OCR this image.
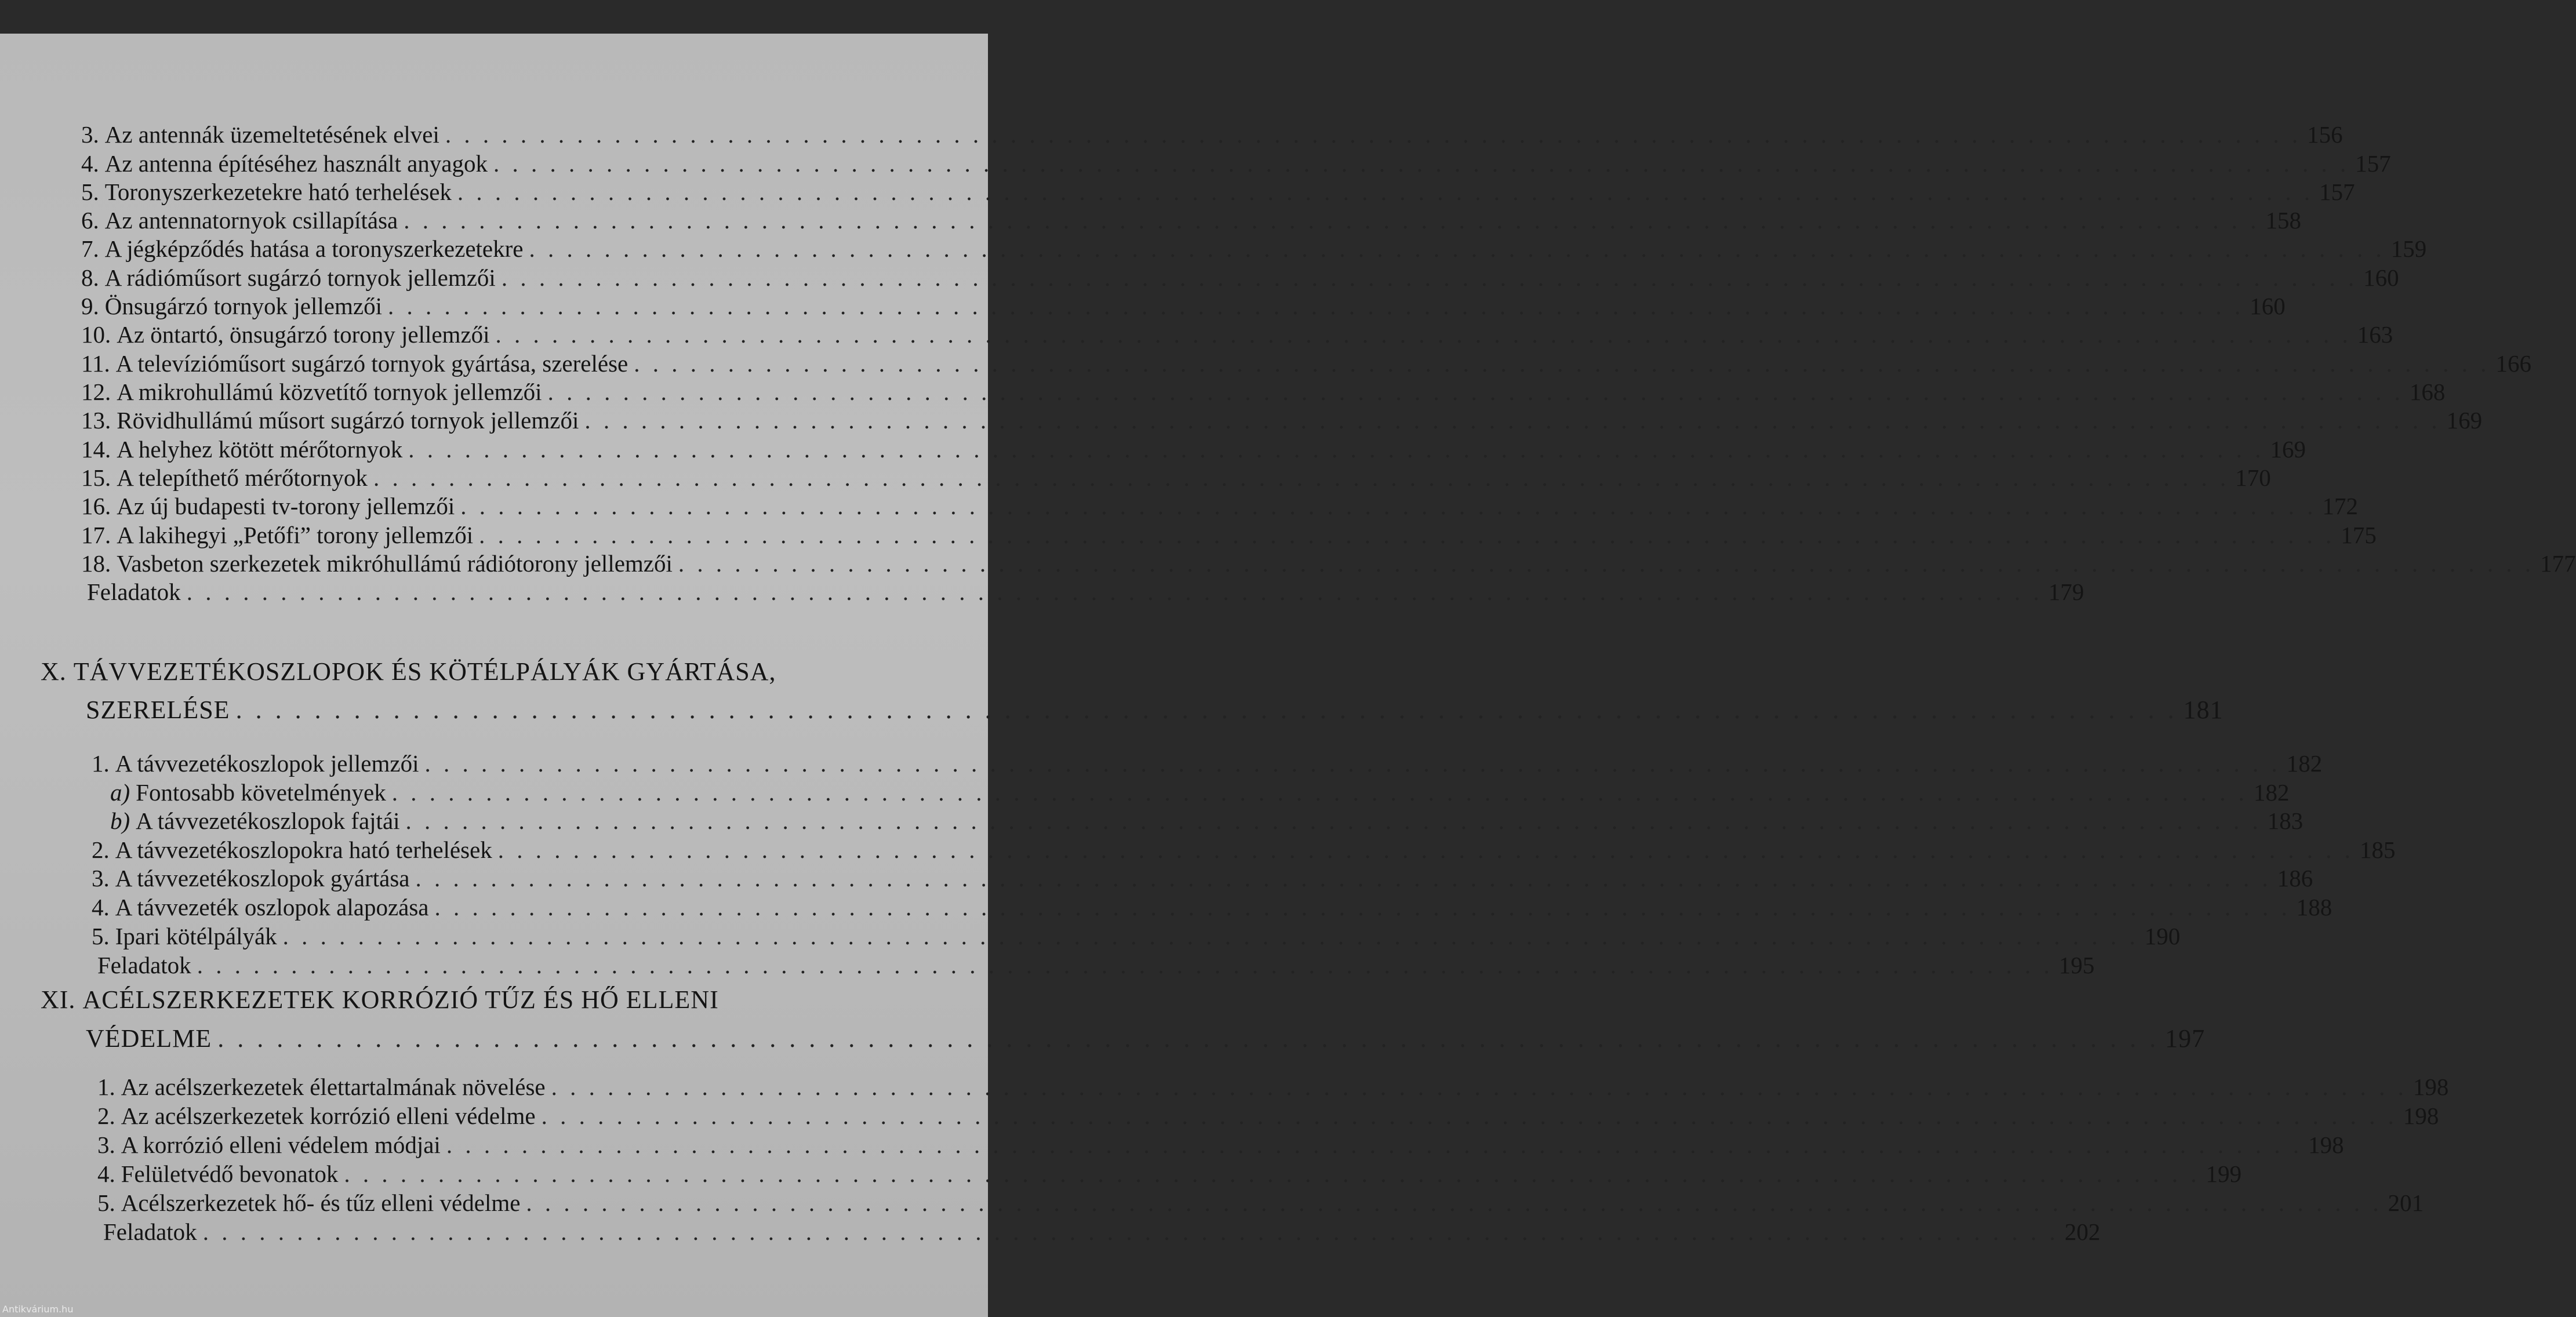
3. Az antennák üzemeltetésének elvei . . . . . . . . . . . . . . . . . . . . . . . . . . . . . . . . . . . . . . . . . . . . . . . . . . . . . . . . . . . . . . . . . . . . . . . . . . . . . . . . . . . . . . . . . . . . . . . . . . . 156
4. Az antenna építéséhez használt anyagok . . . . . . . . . . . . . . . . . . . . . . . . . . . . . . . . . . . . . . . . . . . . . . . . . . . . . . . . . . . . . . . . . . . . . . . . . . . . . . . . . . . . . . . . . . . . . . . . . . . 157
5. Toronyszerkezetekre ható terhelések . . . . . . . . . . . . . . . . . . . . . . . . . . . . . . . . . . . . . . . . . . . . . . . . . . . . . . . . . . . . . . . . . . . . . . . . . . . . . . . . . . . . . . . . . . . . . . . . . . . 157
6. Az antennatornyok csillapítása . . . . . . . . . . . . . . . . . . . . . . . . . . . . . . . . . . . . . . . . . . . . . . . . . . . . . . . . . . . . . . . . . . . . . . . . . . . . . . . . . . . . . . . . . . . . . . . . . . . 158
7. A jégképződés hatása a toronyszerkezetekre . . . . . . . . . . . . . . . . . . . . . . . . . . . . . . . . . . . . . . . . . . . . . . . . . . . . . . . . . . . . . . . . . . . . . . . . . . . . . . . . . . . . . . . . . . . . . . . . . . . 159
8. A rádióműsort sugárzó tornyok jellemzői . . . . . . . . . . . . . . . . . . . . . . . . . . . . . . . . . . . . . . . . . . . . . . . . . . . . . . . . . . . . . . . . . . . . . . . . . . . . . . . . . . . . . . . . . . . . . . . . . . . 160
9. Önsugárzó tornyok jellemzői . . . . . . . . . . . . . . . . . . . . . . . . . . . . . . . . . . . . . . . . . . . . . . . . . . . . . . . . . . . . . . . . . . . . . . . . . . . . . . . . . . . . . . . . . . . . . . . . . . . 160
10. Az öntartó, önsugárzó torony jellemzői . . . . . . . . . . . . . . . . . . . . . . . . . . . . . . . . . . . . . . . . . . . . . . . . . . . . . . . . . . . . . . . . . . . . . . . . . . . . . . . . . . . . . . . . . . . . . . . . . . . 163
11. A televízióműsort sugárzó tornyok gyártása, szerelése . . . . . . . . . . . . . . . . . . . . . . . . . . . . . . . . . . . . . . . . . . . . . . . . . . . . . . . . . . . . . . . . . . . . . . . . . . . . . . . . . . . . . . . . . . . . . . . . . . . 166
12. A mikrohullámú közvetítő tornyok jellemzői . . . . . . . . . . . . . . . . . . . . . . . . . . . . . . . . . . . . . . . . . . . . . . . . . . . . . . . . . . . . . . . . . . . . . . . . . . . . . . . . . . . . . . . . . . . . . . . . . . . 168
13. Rövidhullámú műsort sugárzó tornyok jellemzői . . . . . . . . . . . . . . . . . . . . . . . . . . . . . . . . . . . . . . . . . . . . . . . . . . . . . . . . . . . . . . . . . . . . . . . . . . . . . . . . . . . . . . . . . . . . . . . . . . . 169
14. A helyhez kötött mérőtornyok . . . . . . . . . . . . . . . . . . . . . . . . . . . . . . . . . . . . . . . . . . . . . . . . . . . . . . . . . . . . . . . . . . . . . . . . . . . . . . . . . . . . . . . . . . . . . . . . . . . 169
15. A telepíthető mérőtornyok . . . . . . . . . . . . . . . . . . . . . . . . . . . . . . . . . . . . . . . . . . . . . . . . . . . . . . . . . . . . . . . . . . . . . . . . . . . . . . . . . . . . . . . . . . . . . . . . . . . 170
16. Az új budapesti tv-torony jellemzői . . . . . . . . . . . . . . . . . . . . . . . . . . . . . . . . . . . . . . . . . . . . . . . . . . . . . . . . . . . . . . . . . . . . . . . . . . . . . . . . . . . . . . . . . . . . . . . . . . . 172
17. A lakihegyi „Petőfi” torony jellemzői . . . . . . . . . . . . . . . . . . . . . . . . . . . . . . . . . . . . . . . . . . . . . . . . . . . . . . . . . . . . . . . . . . . . . . . . . . . . . . . . . . . . . . . . . . . . . . . . . . . 175
18. Vasbeton szerkezetek mikróhullámú rádiótorony jellemzői . . . . . . . . . . . . . . . . . . . . . . . . . . . . . . . . . . . . . . . . . . . . . . . . . . . . . . . . . . . . . . . . . . . . . . . . . . . . . . . . . . . . . . . . . . . . . . . . . . . 177
Feladatok . . . . . . . . . . . . . . . . . . . . . . . . . . . . . . . . . . . . . . . . . . . . . . . . . . . . . . . . . . . . . . . . . . . . . . . . . . . . . . . . . . . . . . . . . . . . . . . . . . . 179
X. TÁVVEZETÉKOSZLOPOK ÉS KÖTÉLPÁLYÁK GYÁRTÁSA,
SZERELÉSE . . . . . . . . . . . . . . . . . . . . . . . . . . . . . . . . . . . . . . . . . . . . . . . . . . . . . . . . . . . . . . . . . . . . . . . . . . . . . . . . . . . . . . . . . . . . . . . . . . . 181
1. A távvezetékoszlopok jellemzői . . . . . . . . . . . . . . . . . . . . . . . . . . . . . . . . . . . . . . . . . . . . . . . . . . . . . . . . . . . . . . . . . . . . . . . . . . . . . . . . . . . . . . . . . . . . . . . . . . . 182
a) Fontosabb követelmények . . . . . . . . . . . . . . . . . . . . . . . . . . . . . . . . . . . . . . . . . . . . . . . . . . . . . . . . . . . . . . . . . . . . . . . . . . . . . . . . . . . . . . . . . . . . . . . . . . . 182
b) A távvezetékoszlopok fajtái . . . . . . . . . . . . . . . . . . . . . . . . . . . . . . . . . . . . . . . . . . . . . . . . . . . . . . . . . . . . . . . . . . . . . . . . . . . . . . . . . . . . . . . . . . . . . . . . . . . 183
2. A távvezetékoszlopokra ható terhelések . . . . . . . . . . . . . . . . . . . . . . . . . . . . . . . . . . . . . . . . . . . . . . . . . . . . . . . . . . . . . . . . . . . . . . . . . . . . . . . . . . . . . . . . . . . . . . . . . . . 185
3. A távvezetékoszlopok gyártása . . . . . . . . . . . . . . . . . . . . . . . . . . . . . . . . . . . . . . . . . . . . . . . . . . . . . . . . . . . . . . . . . . . . . . . . . . . . . . . . . . . . . . . . . . . . . . . . . . . 186
4. A távvezeték oszlopok alapozása . . . . . . . . . . . . . . . . . . . . . . . . . . . . . . . . . . . . . . . . . . . . . . . . . . . . . . . . . . . . . . . . . . . . . . . . . . . . . . . . . . . . . . . . . . . . . . . . . . . 188
5. Ipari kötélpályák . . . . . . . . . . . . . . . . . . . . . . . . . . . . . . . . . . . . . . . . . . . . . . . . . . . . . . . . . . . . . . . . . . . . . . . . . . . . . . . . . . . . . . . . . . . . . . . . . . . 190
Feladatok . . . . . . . . . . . . . . . . . . . . . . . . . . . . . . . . . . . . . . . . . . . . . . . . . . . . . . . . . . . . . . . . . . . . . . . . . . . . . . . . . . . . . . . . . . . . . . . . . . . 195
XI. ACÉLSZERKEZETEK KORRÓZIÓ TŰZ ÉS HŐ ELLENI
VÉDELME . . . . . . . . . . . . . . . . . . . . . . . . . . . . . . . . . . . . . . . . . . . . . . . . . . . . . . . . . . . . . . . . . . . . . . . . . . . . . . . . . . . . . . . . . . . . . . . . . . . 197
1. Az acélszerkezetek élettartalmának növelése . . . . . . . . . . . . . . . . . . . . . . . . . . . . . . . . . . . . . . . . . . . . . . . . . . . . . . . . . . . . . . . . . . . . . . . . . . . . . . . . . . . . . . . . . . . . . . . . . . . 198
2. Az acélszerkezetek korrózió elleni védelme . . . . . . . . . . . . . . . . . . . . . . . . . . . . . . . . . . . . . . . . . . . . . . . . . . . . . . . . . . . . . . . . . . . . . . . . . . . . . . . . . . . . . . . . . . . . . . . . . . . 198
3. A korrózió elleni védelem módjai . . . . . . . . . . . . . . . . . . . . . . . . . . . . . . . . . . . . . . . . . . . . . . . . . . . . . . . . . . . . . . . . . . . . . . . . . . . . . . . . . . . . . . . . . . . . . . . . . . . 198
4. Felületvédő bevonatok . . . . . . . . . . . . . . . . . . . . . . . . . . . . . . . . . . . . . . . . . . . . . . . . . . . . . . . . . . . . . . . . . . . . . . . . . . . . . . . . . . . . . . . . . . . . . . . . . . . 199
5. Acélszerkezetek hő- és tűz elleni védelme . . . . . . . . . . . . . . . . . . . . . . . . . . . . . . . . . . . . . . . . . . . . . . . . . . . . . . . . . . . . . . . . . . . . . . . . . . . . . . . . . . . . . . . . . . . . . . . . . . . 201
Feladatok . . . . . . . . . . . . . . . . . . . . . . . . . . . . . . . . . . . . . . . . . . . . . . . . . . . . . . . . . . . . . . . . . . . . . . . . . . . . . . . . . . . . . . . . . . . . . . . . . . . 202
Antikvárium.hu
